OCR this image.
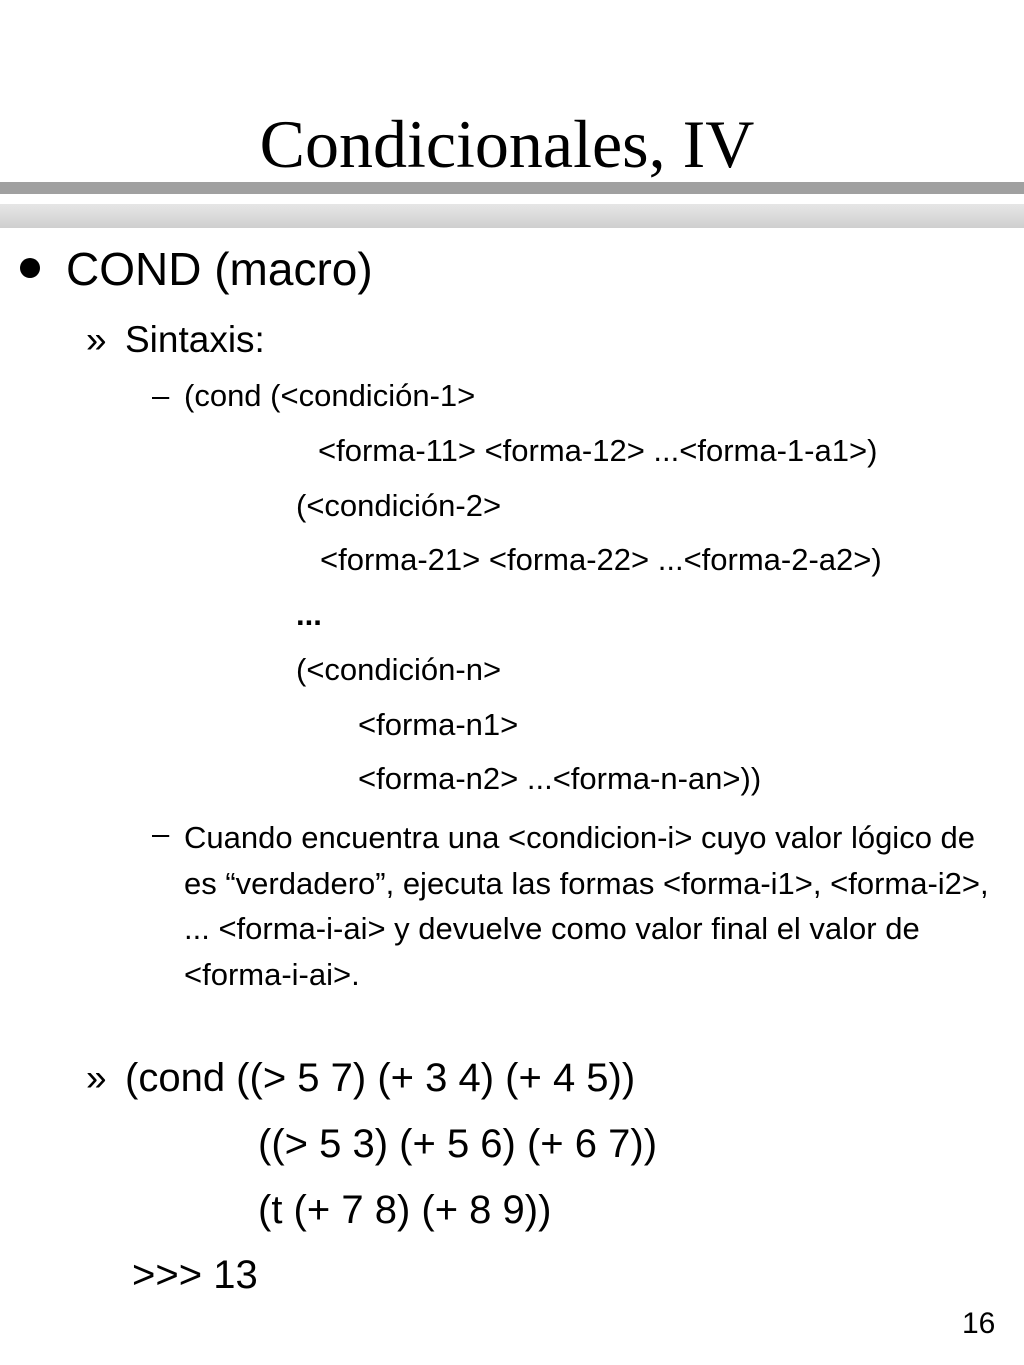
Condicionales, IV
COND (macro)
» Sintaxis:
– (cond (<condición-1>
<forma-11> <forma-12> ...<forma-1-a1>)
(<condición-2>
<forma-21> <forma-22> ...<forma-2-a2>)
...
(<condición-n>
<forma-n1>
<forma-n2> ...<forma-n-an>))
– Cuando encuentra una <condicion-i> cuyo valor lógico de es “verdadero”, ejecuta las formas <forma-i1>, <forma-i2>, ... <forma-i-ai> y devuelve como valor final el valor de <forma-i-ai>.
» (cond ((> 5 7) (+ 3 4) (+ 4 5))
((> 5 3) (+ 5 6) (+ 6 7))
(t (+ 7 8) (+ 8 9))
>>> 13
16
